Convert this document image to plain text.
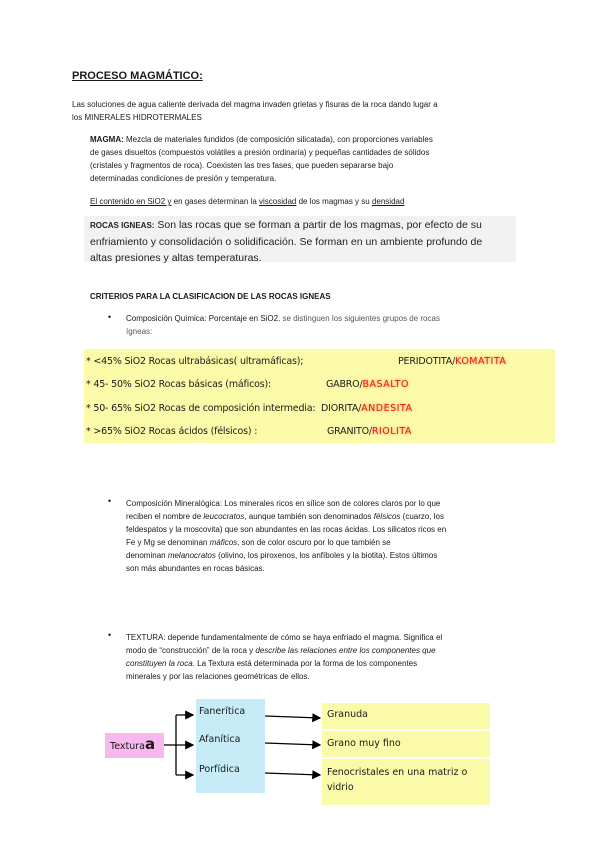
PROCESO MAGMÁTICO:
Las soluciones de agua caliente derivada del magma invaden grietas y fisuras de la roca dando lugar a
los MINERALES HIDROTERMALES
MAGMA: Mezcla de materiales fundidos (de composición silicatada), con proporciones variables
de gases disueltos (compuestos volátiles a presión ordinaria) y pequeñas cantidades de sólidos
(cristales y fragmentos de roca). Coexisten las tres fases, que pueden separarse bajo
determinadas condiciones de presión y temperatura.
El contenido en SiO2 y en gases determinan la viscosidad de los magmas y su densidad
ROCAS IGNEAS: Son las rocas que se forman a partir de los magmas, por efecto de su
enfriamiento y consolidación o solidificación. Se forman en un ambiente profundo de
altas presiones y altas temperaturas.
CRITERIOS PARA LA CLASIFICACION DE LAS ROCAS IGNEAS
• Composición Química: Porcentaje en SiO2. se distinguen los siguientes grupos de rocas
ígneas:
* <45% SiO2 Rocas ultrabásicas( ultramáficas);	PERIDOTITA/KOMATITA
* 45- 50% SiO2 Rocas básicas (máficos):	GABRO/BASALTO
* 50- 65% SiO2 Rocas de composición intermedia: DIORITA/ANDESITA
* >65% SiO2 Rocas ácidos (félsicos) :	GRANITO/RIOLITA
• Composición Mineralógica: Los minerales ricos en sílice son de colores claros por lo que
reciben el nombre de leucocratos, aunque también son denominados félsicos (cuarzo, los
feldespatos y la moscovita) que son abundantes en las rocas ácidas. Los silicatos ricos en
Fe y Mg se denominan máficos, son de color oscuro por lo que también se
denominan melanocratos (olivino, los piroxenos, los anfíboles y la biotita). Estos últimos
son más abundantes en rocas básicas.
• TEXTURA: depende fundamentalmente de cómo se haya enfriado el magma. Significa el
modo de “construcción” de la roca y describe las relaciones entre los componentes que
constituyen la roca. La Textura está determinada por la forma de los componentes
minerales y por las relaciones geométricas de ellos.
Texturaa
Fanerítica
Afanítica
Porfídica
Granuda
Grano muy fino
Fenocristales en una matriz o
vidrio
